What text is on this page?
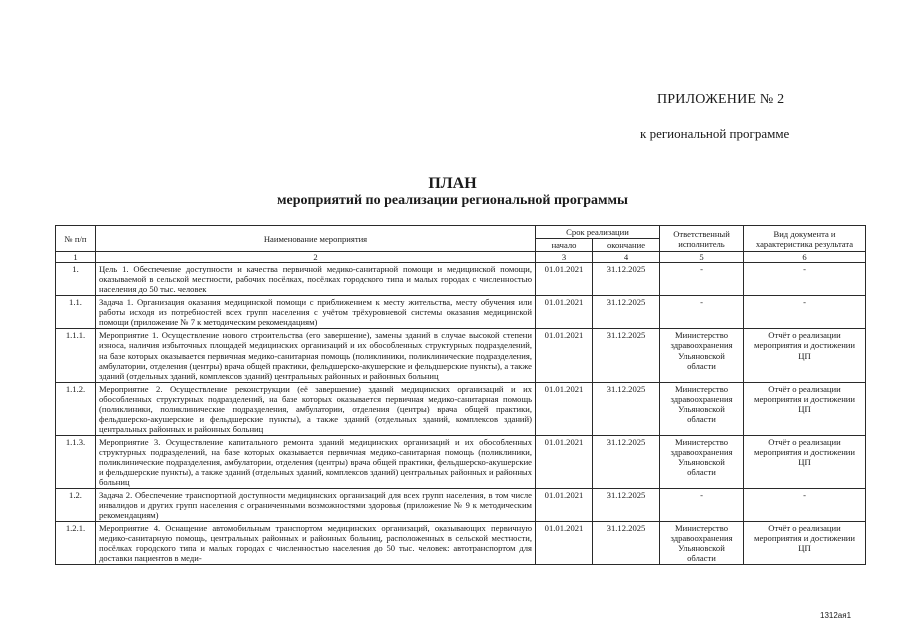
ПРИЛОЖЕНИЕ № 2
к региональной программе
ПЛАН
мероприятий по реализации региональной программы
№ п/п	Наименование мероприятия	Срок реализации		Ответственный исполнитель	Вид документа и характеристика результата
		начало	окончание		
1	2	3	4	5	6
1.	Цель 1. Обеспечение доступности и качества первичной медико-санитарной помощи и медицинской помощи, оказываемой в сельской местности, рабочих посёлках, посёлках городского типа и малых городах с численностью населения до 50 тыс. человек	01.01.2021	31.12.2025	-	-
1.1.	Задача 1. Организация оказания медицинской помощи с приближением к месту жительства, месту обучения или работы исходя из потребностей всех групп населения с учётом трёхуровневой системы оказания медицинской помощи (приложение № 7 к методическим рекомендациям)	01.01.2021	31.12.2025	-	-
1.1.1.	Мероприятие 1. Осуществление нового строительства (его завершение), замены зданий в случае высокой степени износа, наличия избыточных площадей медицинских организаций и их обособленных структурных подразделений, на базе которых оказывается первичная медико-санитарная помощь (поликлиники, поликлинические подразделения, амбулатории, отделения (центры) врача общей практики, фельдшерско-акушерские и фельдшерские пункты), а также зданий (отдельных зданий, комплексов зданий) центральных районных и районных больниц	01.01.2021	31.12.2025	Министерство здравоохранения Ульяновской области	Отчёт о реализации мероприятия и достижении ЦП
1.1.2.	Мероприятие 2. Осуществление реконструкции (её завершение) зданий медицинских организаций и их обособленных структурных подразделений, на базе которых оказывается первичная медико-санитарная помощь (поликлиники, поликлинические подразделения, амбулатории, отделения (центры) врача общей практики, фельдшерско-акушерские и фельдшерские пункты), а также зданий (отдельных зданий, комплексов зданий) центральных районных и районных больниц	01.01.2021	31.12.2025	Министерство здравоохранения Ульяновской области	Отчёт о реализации мероприятия и достижении ЦП
1.1.3.	Мероприятие 3. Осуществление капитального ремонта зданий медицинских организаций и их обособленных структурных подразделений, на базе которых оказывается первичная медико-санитарная помощь (поликлиники, поликлинические подразделения, амбулатории, отделения (центры) врача общей практики, фельдшерско-акушерские и фельдшерские пункты), а также зданий (отдельных зданий, комплексов зданий) центральных районных и районных больниц	01.01.2021	31.12.2025	Министерство здравоохранения Ульяновской области	Отчёт о реализации мероприятия и достижении ЦП
1.2.	Задача 2. Обеспечение транспортной доступности медицинских организаций для всех групп населения, в том числе инвалидов и других групп населения с ограниченными возможностями здоровья (приложение № 9 к методическим рекомендациям)	01.01.2021	31.12.2025	-	-
1.2.1.	Мероприятие 4. Оснащение автомобильным транспортом медицинских организаций, оказывающих первичную медико-санитарную помощь, центральных районных и районных больниц, расположенных в сельской местности, посёлках городского типа и малых городах с численностью населения до 50 тыс. человек: автотранспортом для доставки пациентов в меди-	01.01.2021	31.12.2025	Министерство здравоохранения Ульяновской области	Отчёт о реализации мероприятия и достижении ЦП
1312ая1
